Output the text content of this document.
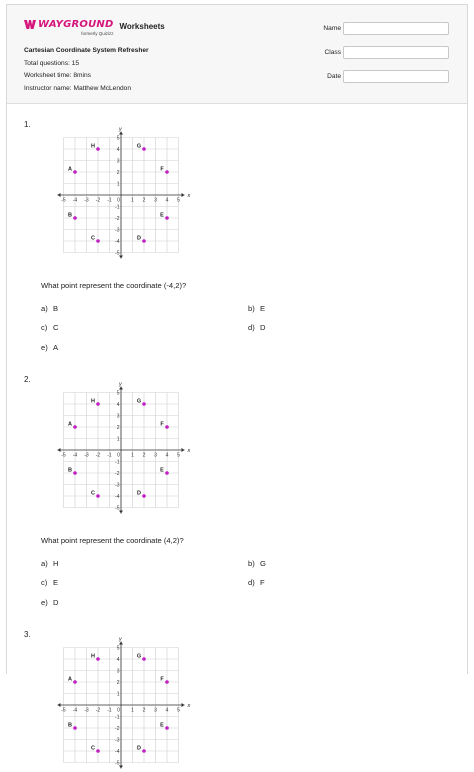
WAYGROUND
formerly Quizizz
Worksheets
Cartesian Coordinate System Refresher
Total questions: 15
Worksheet time: 8mins
Instructor name: Matthew McLendon
Name
Class
Date
1.
x
y
-5 -4 -3 -2 -1 0 1 2 3 4 5
-5
-4
-3
-2
-1
1
2
3
4
5
H	G
F
A
B	E
C	D
What point represent the coordinate (-4,2)?
a) B	b) E
c) C	d) D
e) A
2.
x
y
-5 -4 -3 -2 -1 0 1 2 3 4 5
-5
-4
-3
-2
-1
1
2
3
4
5
H	G
F
A
B	E
C	D
What point represent the coordinate (4,2)?
a) H	b) G
c) E	d) F
e) D
3.
x
y
-5 -4 -3 -2 -1 0 1 2 3 4 5
-5
-4
-3
-2
-1
1
2
3
4
5
H	G
F
A
B	E
C	D
